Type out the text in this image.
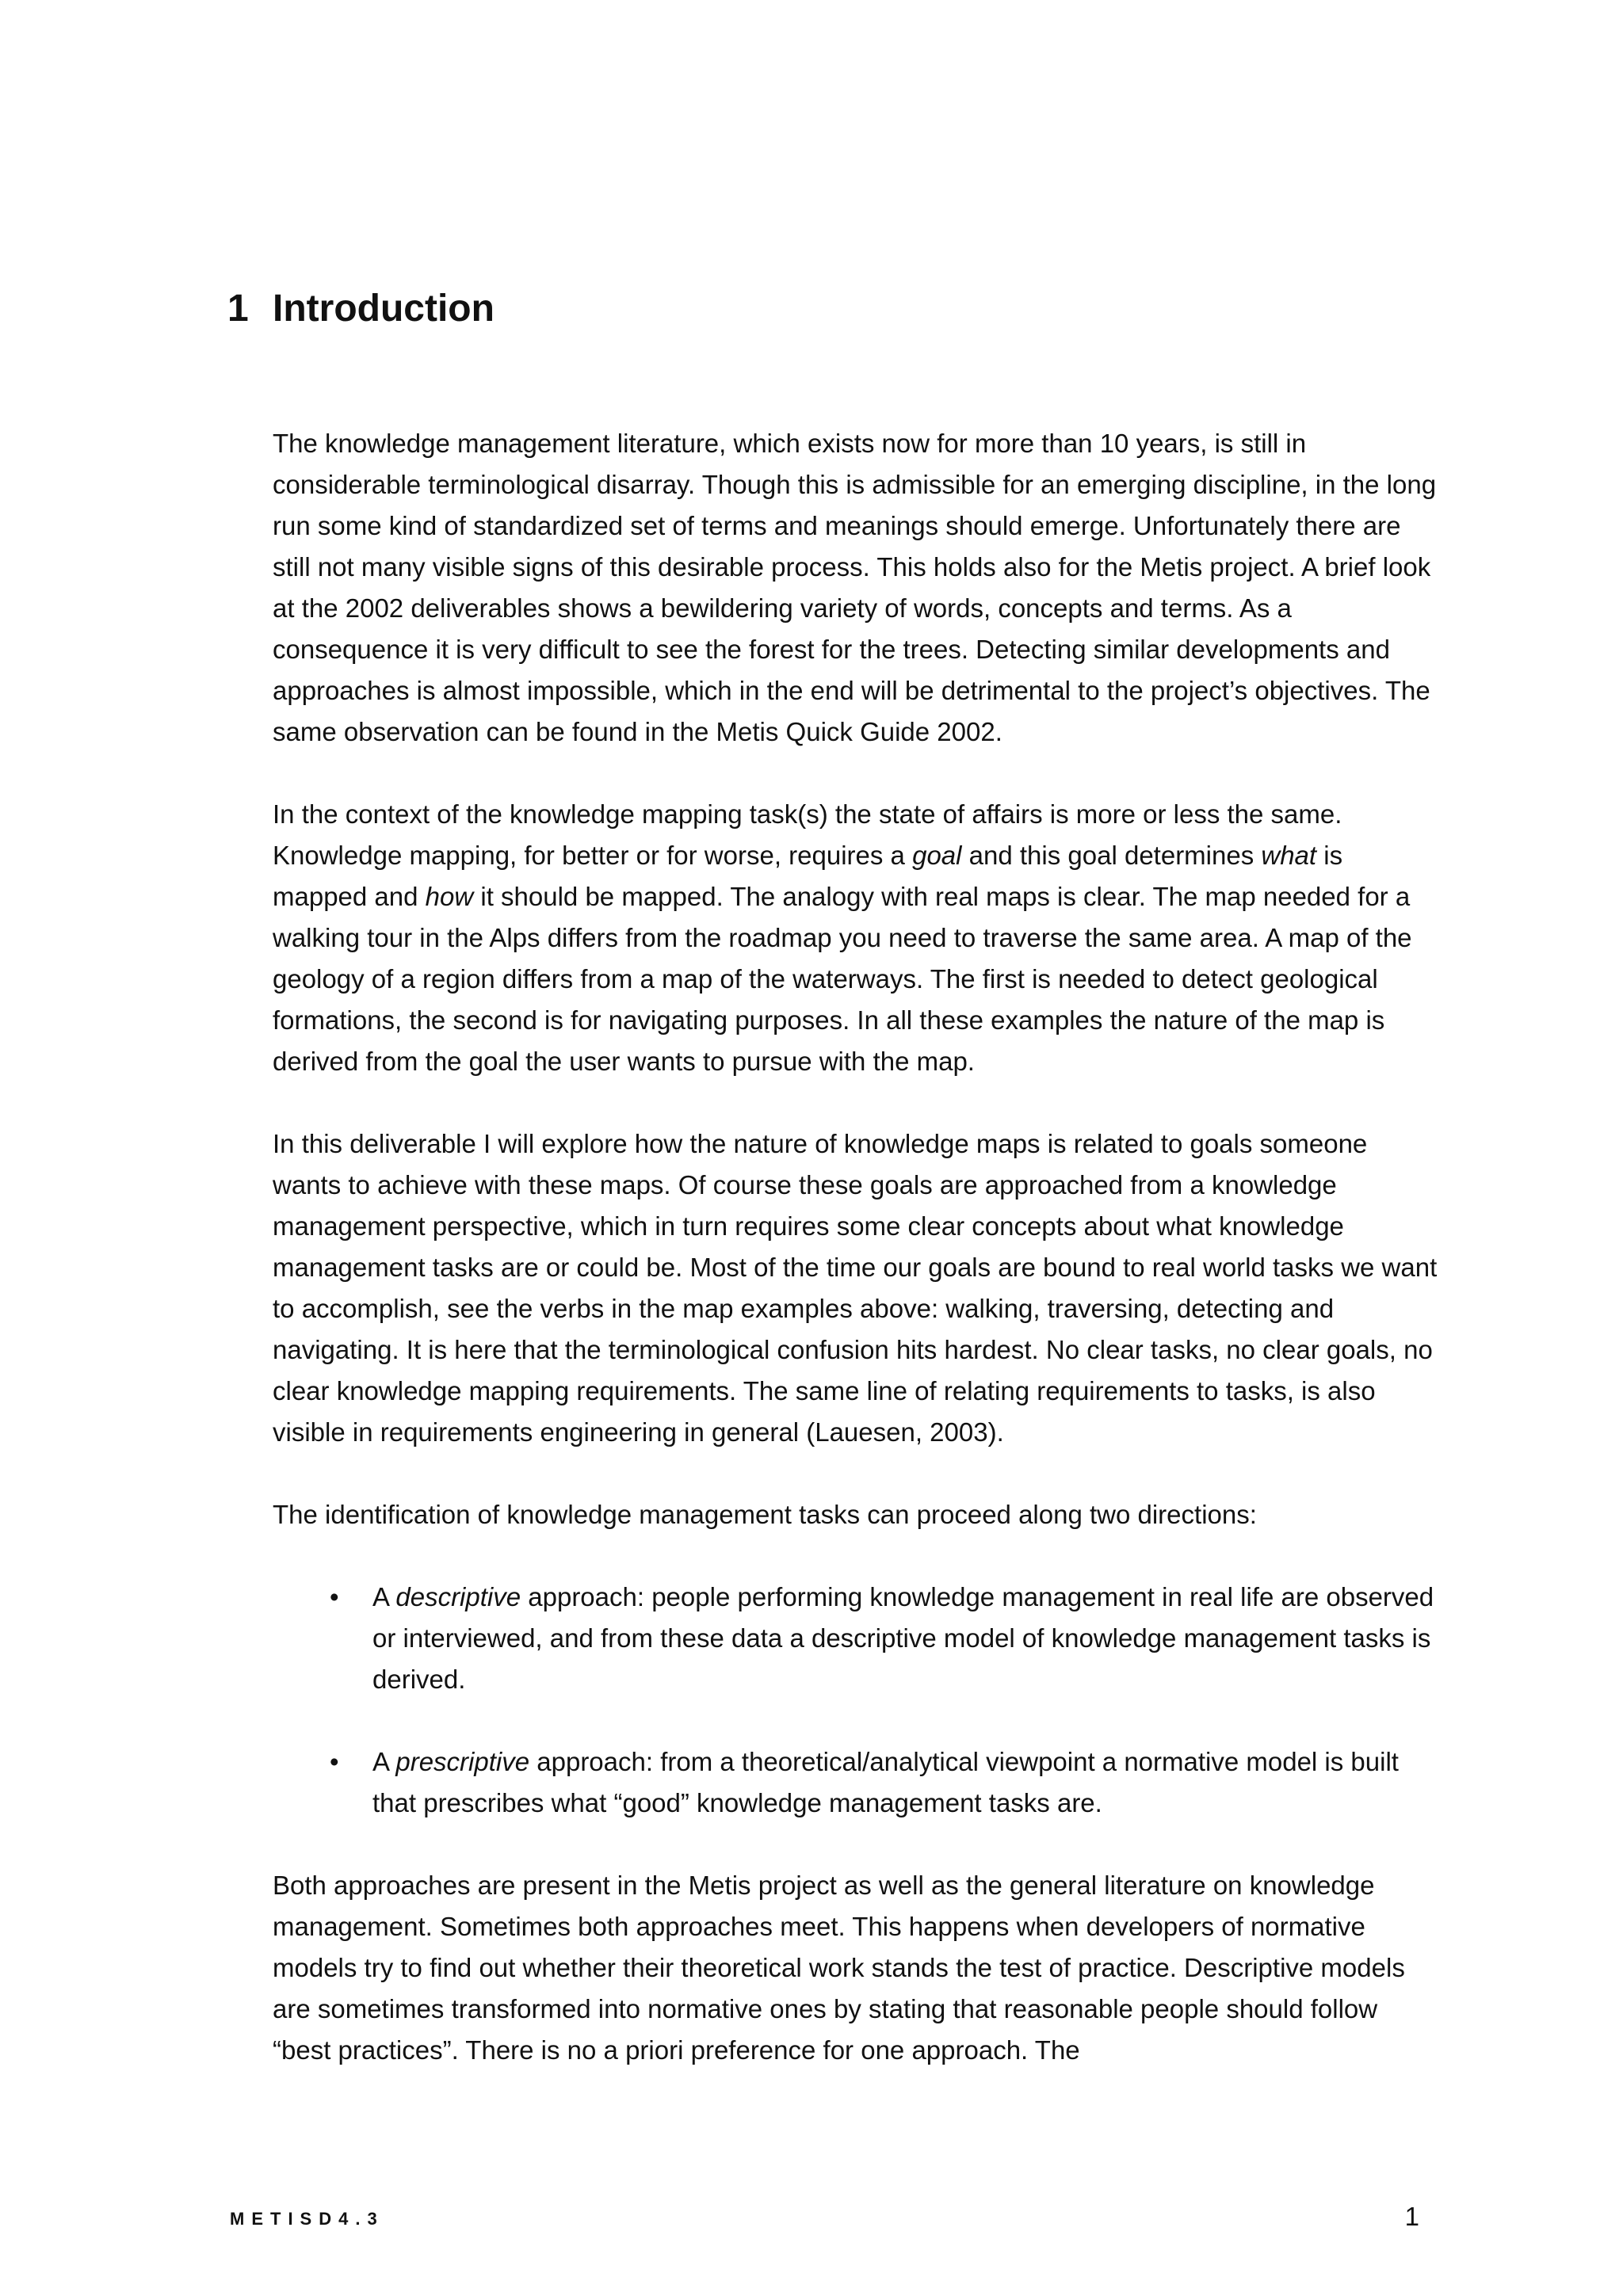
1 Introduction

The knowledge management literature, which exists now for more than 10 years, is still in considerable terminological disarray. Though this is admissible for an emerging discipline, in the long run some kind of standardized set of terms and meanings should emerge. Unfortunately there are still not many visible signs of this desirable process. This holds also for the Metis project. A brief look at the 2002 deliverables shows a bewildering variety of words, concepts and terms. As a consequence it is very difficult to see the forest for the trees. Detecting similar developments and approaches is almost impossible, which in the end will be detrimental to the project’s objectives. The same observation can be found in the Metis Quick Guide 2002.

In the context of the knowledge mapping task(s) the state of affairs is more or less the same. Knowledge mapping, for better or for worse, requires a goal and this goal determines what is mapped and how it should be mapped. The analogy with real maps is clear. The map needed for a walking tour in the Alps differs from the roadmap you need to traverse the same area. A map of the geology of a region differs from a map of the waterways. The first is needed to detect geological formations, the second is for navigating purposes. In all these examples the nature of the map is derived from the goal the user wants to pursue with the map.

In this deliverable I will explore how the nature of knowledge maps is related to goals someone wants to achieve with these maps. Of course these goals are approached from a knowledge management perspective, which in turn requires some clear concepts about what knowledge management tasks are or could be. Most of the time our goals are bound to real world tasks we want to accomplish, see the verbs in the map examples above: walking, traversing, detecting and navigating. It is here that the terminological confusion hits hardest. No clear tasks, no clear goals, no clear knowledge mapping requirements. The same line of relating requirements to tasks, is also visible in requirements engineering in general (Lauesen, 2003).

The identification of knowledge management tasks can proceed along two directions:

• A descriptive approach: people performing knowledge management in real life are observed or interviewed, and from these data a descriptive model of knowledge management tasks is derived.
• A prescriptive approach: from a theoretical/analytical viewpoint a normative model is built that prescribes what “good” knowledge management tasks are.

Both approaches are present in the Metis project as well as the general literature on knowledge management. Sometimes both approaches meet. This happens when developers of normative models try to find out whether their theoretical work stands the test of practice. Descriptive models are sometimes transformed into normative ones by stating that reasonable people should follow “best practices”. There is no a priori preference for one approach. The

METISD4.3	1
